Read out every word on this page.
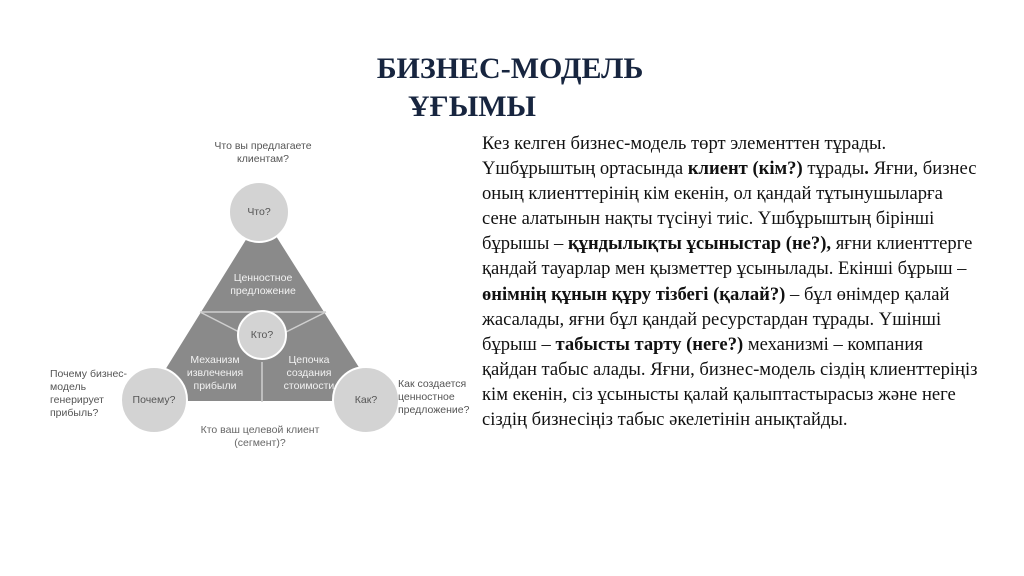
БИЗНЕС-МОДЕЛЬ
ҰҒЫМЫ
Что вы предлагаете клиентам?
Что?
Ценностное предложение
Кто?
Механизм извлечения прибыли
Цепочка создания стоимости
Почему?	Как?
Почему бизнес-модель генерирует прибыль?
Как создается ценностное предложение?
Кто ваш целевой клиент (сегмент)?

Кез келген бизнес-модель төрт элементтен тұрады. Үшбұрыштың ортасында клиент (кім?) тұрады. Яғни, бизнес оның клиенттерінің кім екенін, ол қандай тұтынушыларға сене алатынын нақты түсінуі тиіс. Үшбұрыштың бірінші бұрышы – құндылықты ұсыныстар (не?), яғни клиенттерге қандай тауарлар мен қызметтер ұсынылады. Екінші бұрыш –өнімнің құнын құру тізбегі (қалай?) – бұл өнімдер қалай жасалады, яғни бұл қандай ресурстардан тұрады. Үшінші бұрыш – табысты тарту (неге?) механизмі – компания қайдан табыс алады. Яғни, бизнес-модель сіздің клиенттеріңіз кім екенін, сіз ұсынысты қалай қалыптастырасыз және неге сіздің бизнесіңіз табыс әкелетінін анықтайды.
